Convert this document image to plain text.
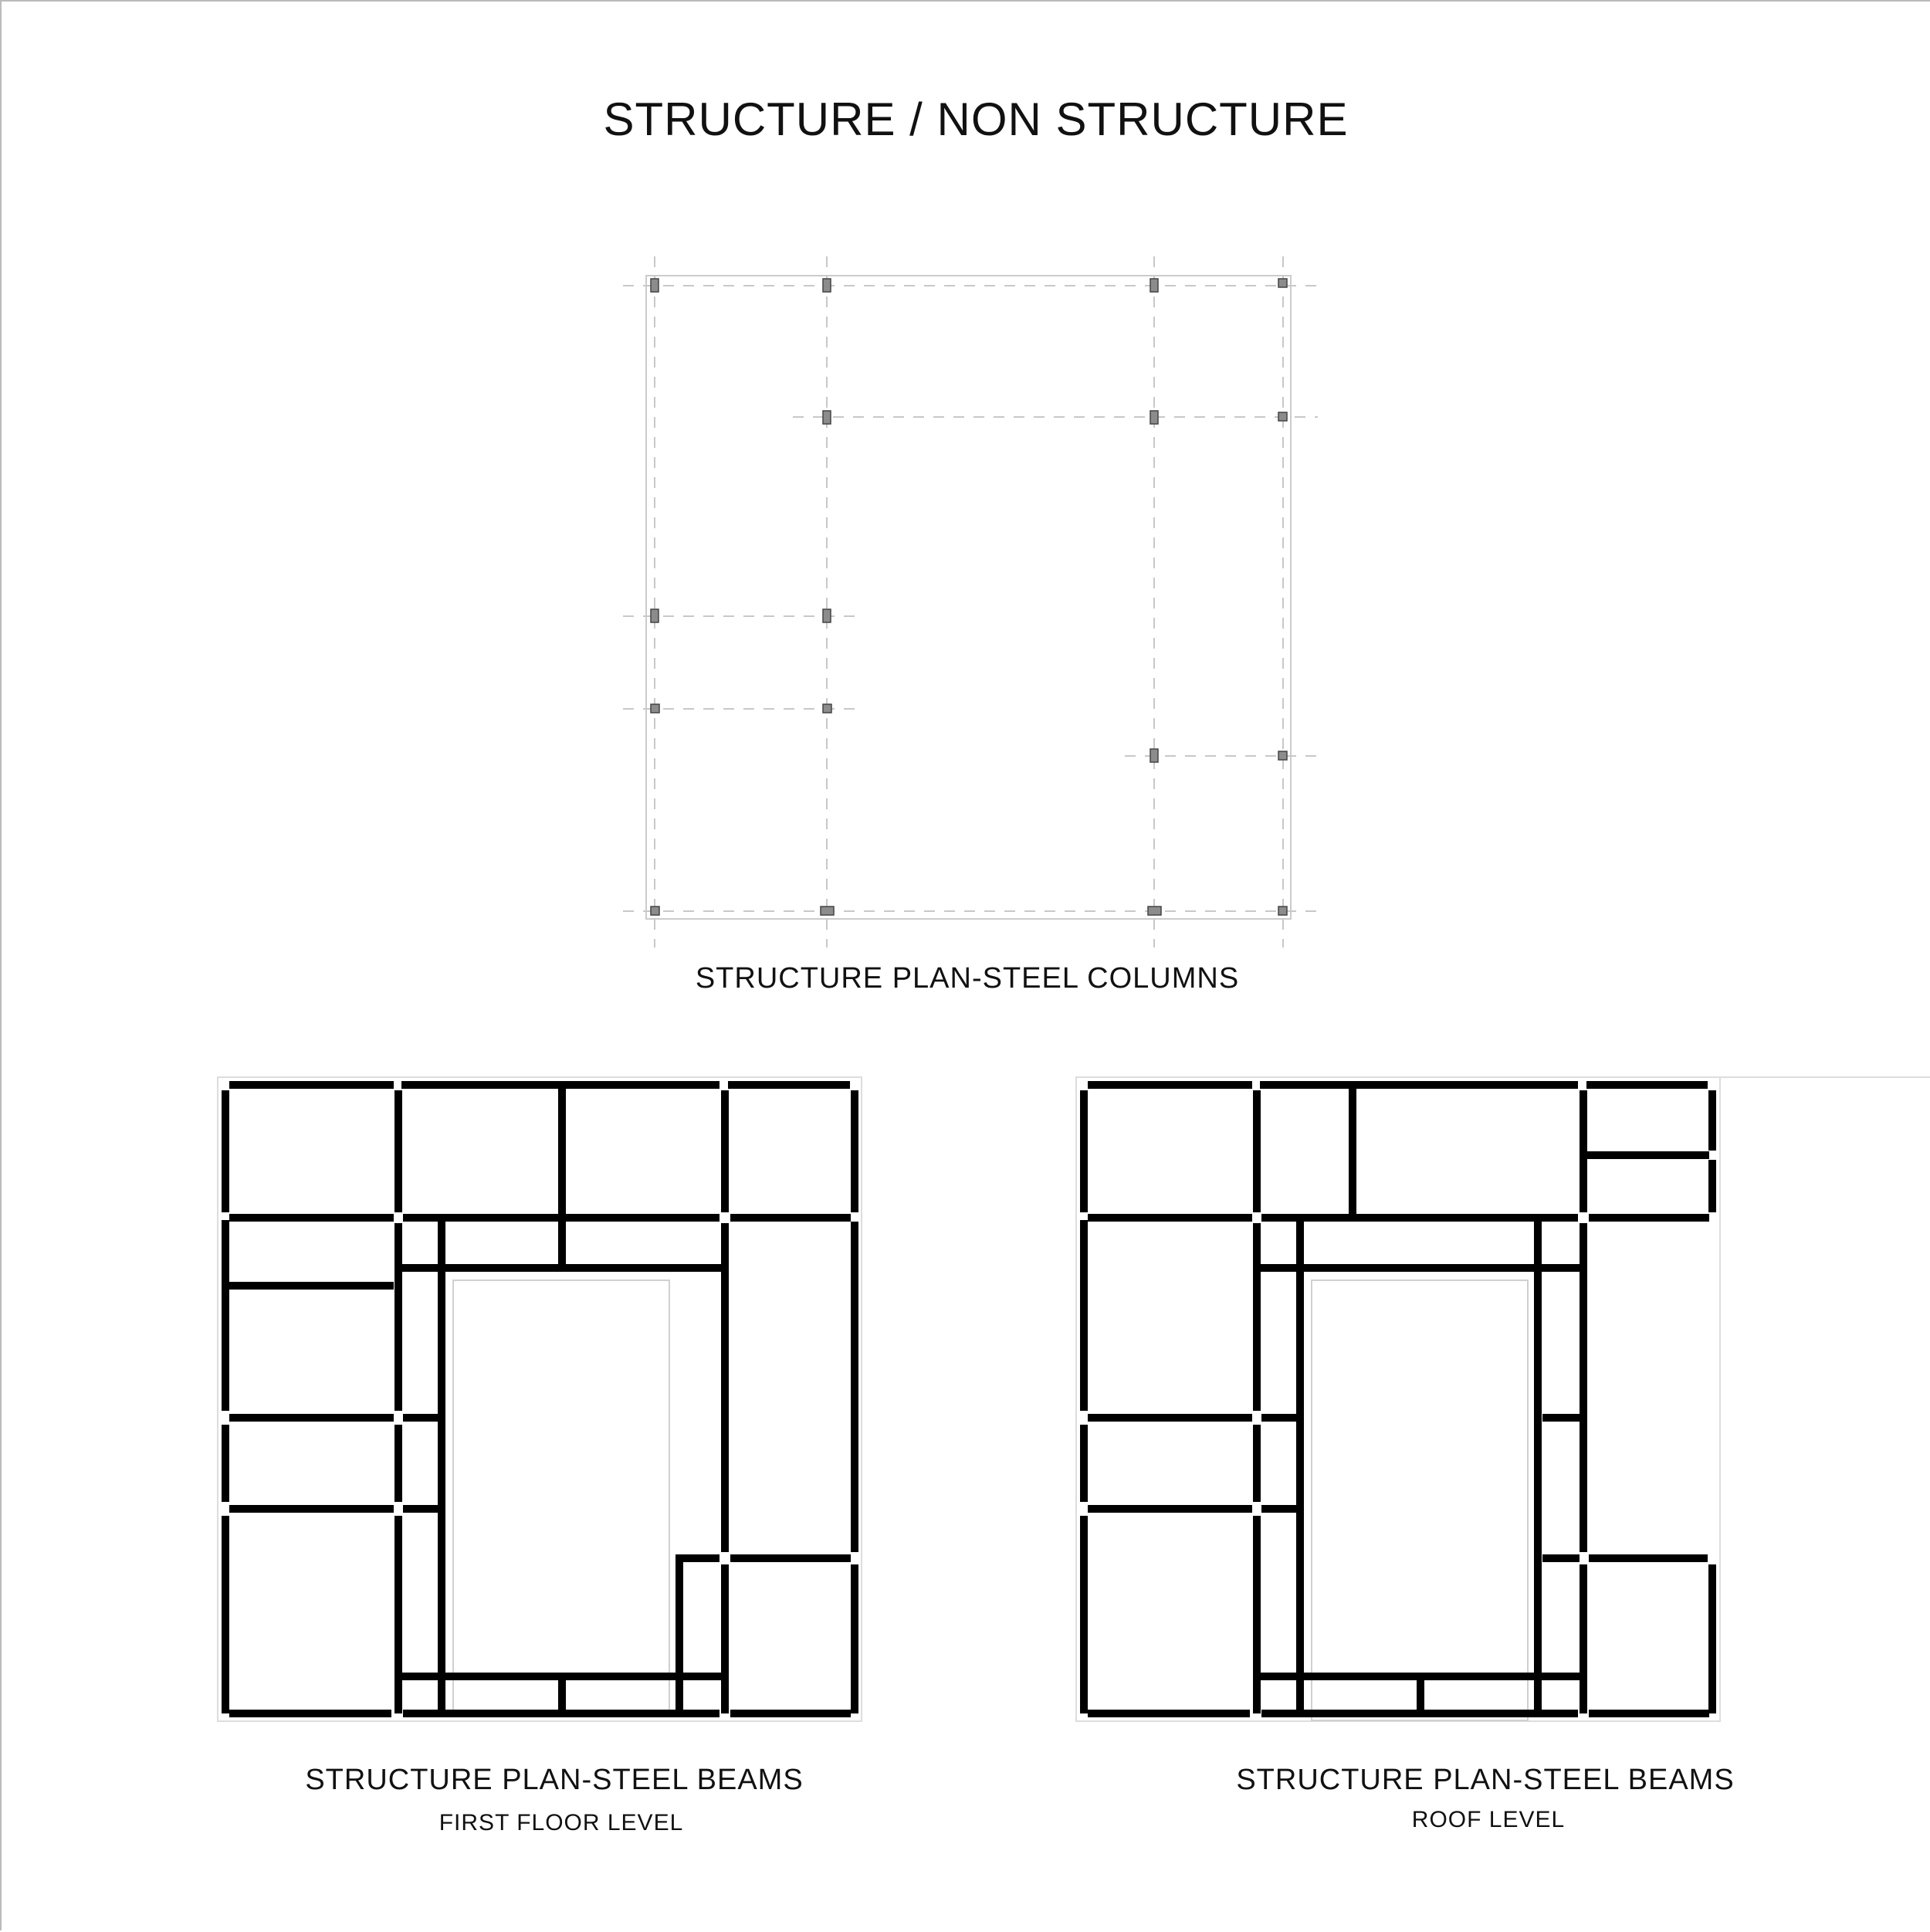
STRUCTURE / NON STRUCTURE
STRUCTURE PLAN-STEEL COLUMNS
STRUCTURE PLAN-STEEL BEAMS
FIRST FLOOR LEVEL
STRUCTURE PLAN-STEEL BEAMS
ROOF LEVEL
